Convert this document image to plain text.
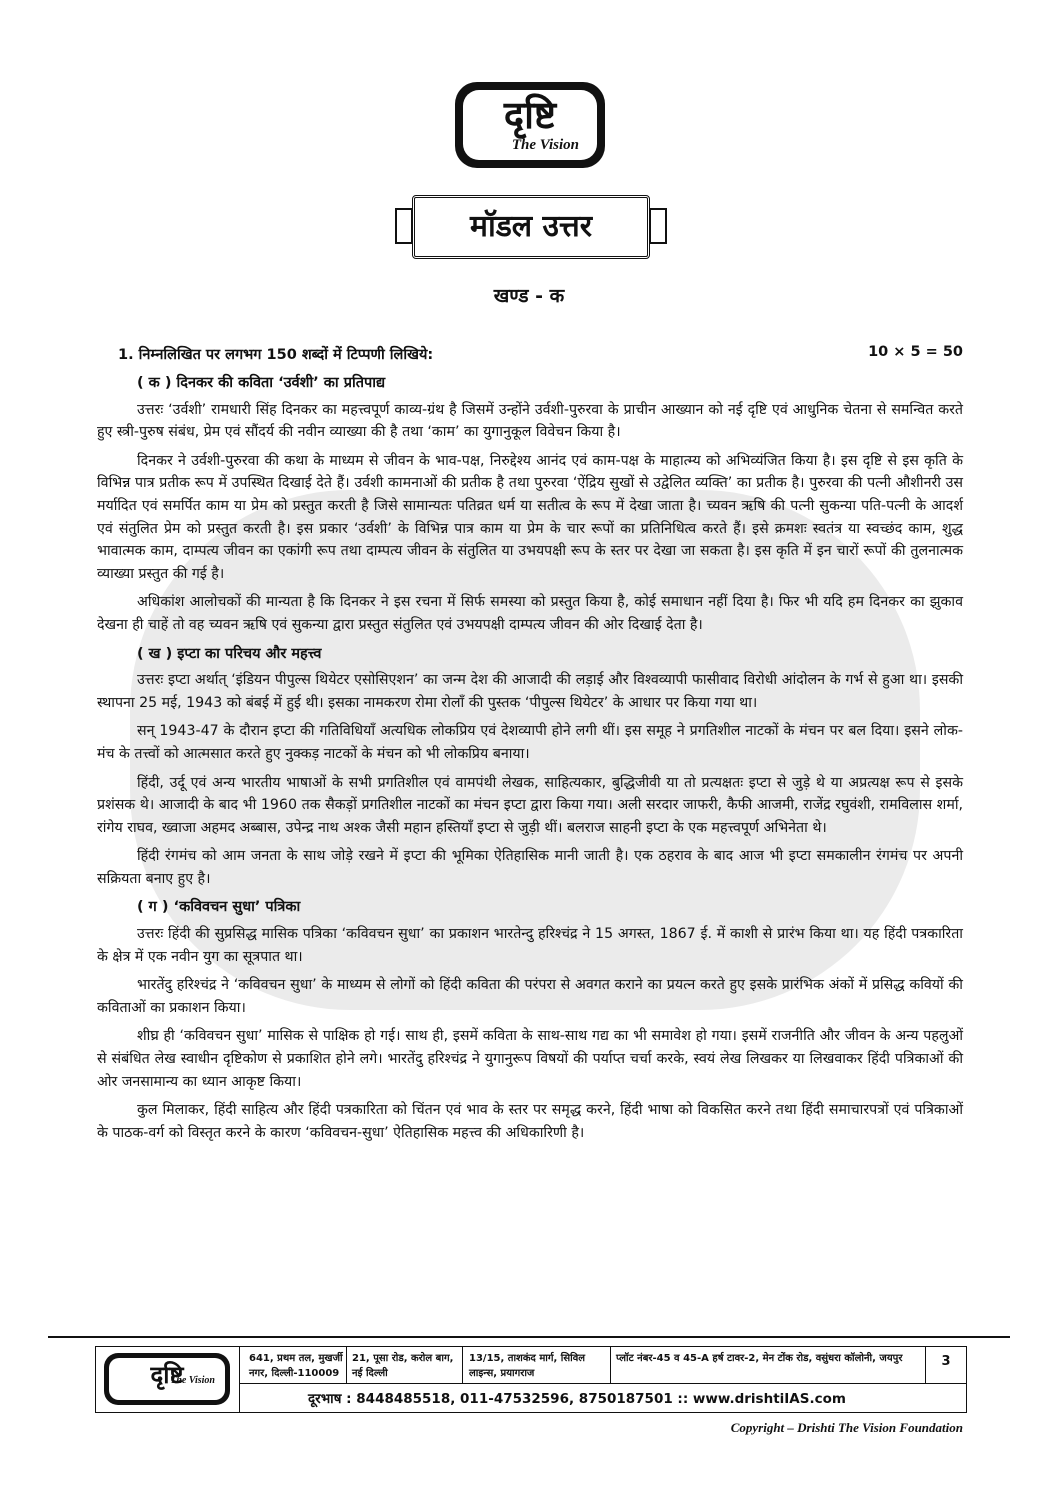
दृष्टि
The Vision
मॉडल उत्तर
खण्ड - क
1. निम्नलिखित पर लगभग 150 शब्दों में टिप्पणी लिखिये:	10 × 5 = 50
( क ) दिनकर की कविता ‘उर्वशी’ का प्रतिपाद्य

उत्तरः ‘उर्वशी’ रामधारी सिंह दिनकर का महत्त्वपूर्ण काव्य-ग्रंथ है जिसमें उन्होंने उर्वशी-पुरुरवा के प्राचीन आख्यान को नई दृष्टि एवं आधुनिक चेतना से समन्वित करते हुए स्त्री-पुरुष संबंध, प्रेम एवं सौंदर्य की नवीन व्याख्या की है तथा ‘काम’ का युगानुकूल विवेचन किया है।

दिनकर ने उर्वशी-पुरुरवा की कथा के माध्यम से जीवन के भाव-पक्ष, निरुद्देश्य आनंद एवं काम-पक्ष के माहात्म्य को अभिव्यंजित किया है। इस दृष्टि से इस कृति के विभिन्न पात्र प्रतीक रूप में उपस्थित दिखाई देते हैं। उर्वशी कामनाओं की प्रतीक है तथा पुरुरवा ‘ऐंद्रिय सुखों से उद्वेलित व्यक्ति’ का प्रतीक है। पुरुरवा की पत्नी औशीनरी उस मर्यादित एवं समर्पित काम या प्रेम को प्रस्तुत करती है जिसे सामान्यतः पतिव्रत धर्म या सतीत्व के रूप में देखा जाता है। च्यवन ऋषि की पत्नी सुकन्या पति-पत्नी के आदर्श एवं संतुलित प्रेम को प्रस्तुत करती है। इस प्रकार ‘उर्वशी’ के विभिन्न पात्र काम या प्रेम के चार रूपों का प्रतिनिधित्व करते हैं। इसे क्रमशः स्वतंत्र या स्वच्छंद काम, शुद्ध भावात्मक काम, दाम्पत्य जीवन का एकांगी रूप तथा दाम्पत्य जीवन के संतुलित या उभयपक्षी रूप के स्तर पर देखा जा सकता है। इस कृति में इन चारों रूपों की तुलनात्मक व्याख्या प्रस्तुत की गई है।

अधिकांश आलोचकों की मान्यता है कि दिनकर ने इस रचना में सिर्फ समस्या को प्रस्तुत किया है, कोई समाधान नहीं दिया है। फिर भी यदि हम दिनकर का झुकाव देखना ही चाहें तो वह च्यवन ऋषि एवं सुकन्या द्वारा प्रस्तुत संतुलित एवं उभयपक्षी दाम्पत्य जीवन की ओर दिखाई देता है।

( ख ) इप्टा का परिचय और महत्त्व

उत्तरः इप्टा अर्थात् ‘इंडियन पीपुल्स थियेटर एसोसिएशन’ का जन्म देश की आजादी की लड़ाई और विश्वव्यापी फासीवाद विरोधी आंदोलन के गर्भ से हुआ था। इसकी स्थापना 25 मई, 1943 को बंबई में हुई थी। इसका नामकरण रोमा रोलाँ की पुस्तक ‘पीपुल्स थियेटर’ के आधार पर किया गया था।

सन् 1943-47 के दौरान इप्टा की गतिविधियाँ अत्यधिक लोकप्रिय एवं देशव्यापी होने लगी थीं। इस समूह ने प्रगतिशील नाटकों के मंचन पर बल दिया। इसने लोक-मंच के तत्त्वों को आत्मसात करते हुए नुक्कड़ नाटकों के मंचन को भी लोकप्रिय बनाया।

हिंदी, उर्दू एवं अन्य भारतीय भाषाओं के सभी प्रगतिशील एवं वामपंथी लेखक, साहित्यकार, बुद्धिजीवी या तो प्रत्यक्षतः इप्टा से जुड़े थे या अप्रत्यक्ष रूप से इसके प्रशंसक थे। आजादी के बाद भी 1960 तक सैकड़ों प्रगतिशील नाटकों का मंचन इप्टा द्वारा किया गया। अली सरदार जाफरी, कैफी आजमी, राजेंद्र रघुवंशी, रामविलास शर्मा, रांगेय राघव, ख्वाजा अहमद अब्बास, उपेन्द्र नाथ अश्क जैसी महान हस्तियाँ इप्टा से जुड़ी थीं। बलराज साहनी इप्टा के एक महत्त्वपूर्ण अभिनेता थे।

हिंदी रंगमंच को आम जनता के साथ जोड़े रखने में इप्टा की भूमिका ऐतिहासिक मानी जाती है। एक ठहराव के बाद आज भी इप्टा समकालीन रंगमंच पर अपनी सक्रियता बनाए हुए है।

( ग ) ‘कविवचन सुधा’ पत्रिका

उत्तरः हिंदी की सुप्रसिद्ध मासिक पत्रिका ‘कविवचन सुधा’ का प्रकाशन भारतेन्दु हरिश्चंद्र ने 15 अगस्त, 1867 ई. में काशी से प्रारंभ किया था। यह हिंदी पत्रकारिता के क्षेत्र में एक नवीन युग का सूत्रपात था।

भारतेंदु हरिश्चंद्र ने ‘कविवचन सुधा’ के माध्यम से लोगों को हिंदी कविता की परंपरा से अवगत कराने का प्रयत्न करते हुए इसके प्रारंभिक अंकों में प्रसिद्ध कवियों की कविताओं का प्रकाशन किया।

शीघ्र ही ‘कविवचन सुधा’ मासिक से पाक्षिक हो गई। साथ ही, इसमें कविता के साथ-साथ गद्य का भी समावेश हो गया। इसमें राजनीति और जीवन के अन्य पहलुओं से संबंधित लेख स्वाधीन दृष्टिकोण से प्रकाशित होने लगे। भारतेंदु हरिश्चंद्र ने युगानुरूप विषयों की पर्याप्त चर्चा करके, स्वयं लेख लिखकर या लिखवाकर हिंदी पत्रिकाओं की ओर जनसामान्य का ध्यान आकृष्ट किया।

कुल मिलाकर, हिंदी साहित्य और हिंदी पत्रकारिता को चिंतन एवं भाव के स्तर पर समृद्ध करने, हिंदी भाषा को विकसित करने तथा हिंदी समाचारपत्रों एवं पत्रिकाओं के पाठक-वर्ग को विस्तृत करने के कारण ‘कविवचन-सुधा’ ऐतिहासिक महत्त्व की अधिकारिणी है।

दृष्टि
The Vision
641, प्रथम तल, मुखर्जी नगर, दिल्ली-110009
21, पूसा रोड, करोल बाग, नई दिल्ली
13/15, ताशकंद मार्ग, सिविल लाइन्स, प्रयागराज
प्लॉट नंबर-45 व 45-A हर्ष टावर-2, मेन टोंक रोड, वसुंधरा कॉलोनी, जयपुर	3
दूरभाष : 8448485518, 011-47532596, 8750187501 :: www.drishtiIAS.com
Copyright – Drishti The Vision Foundation
